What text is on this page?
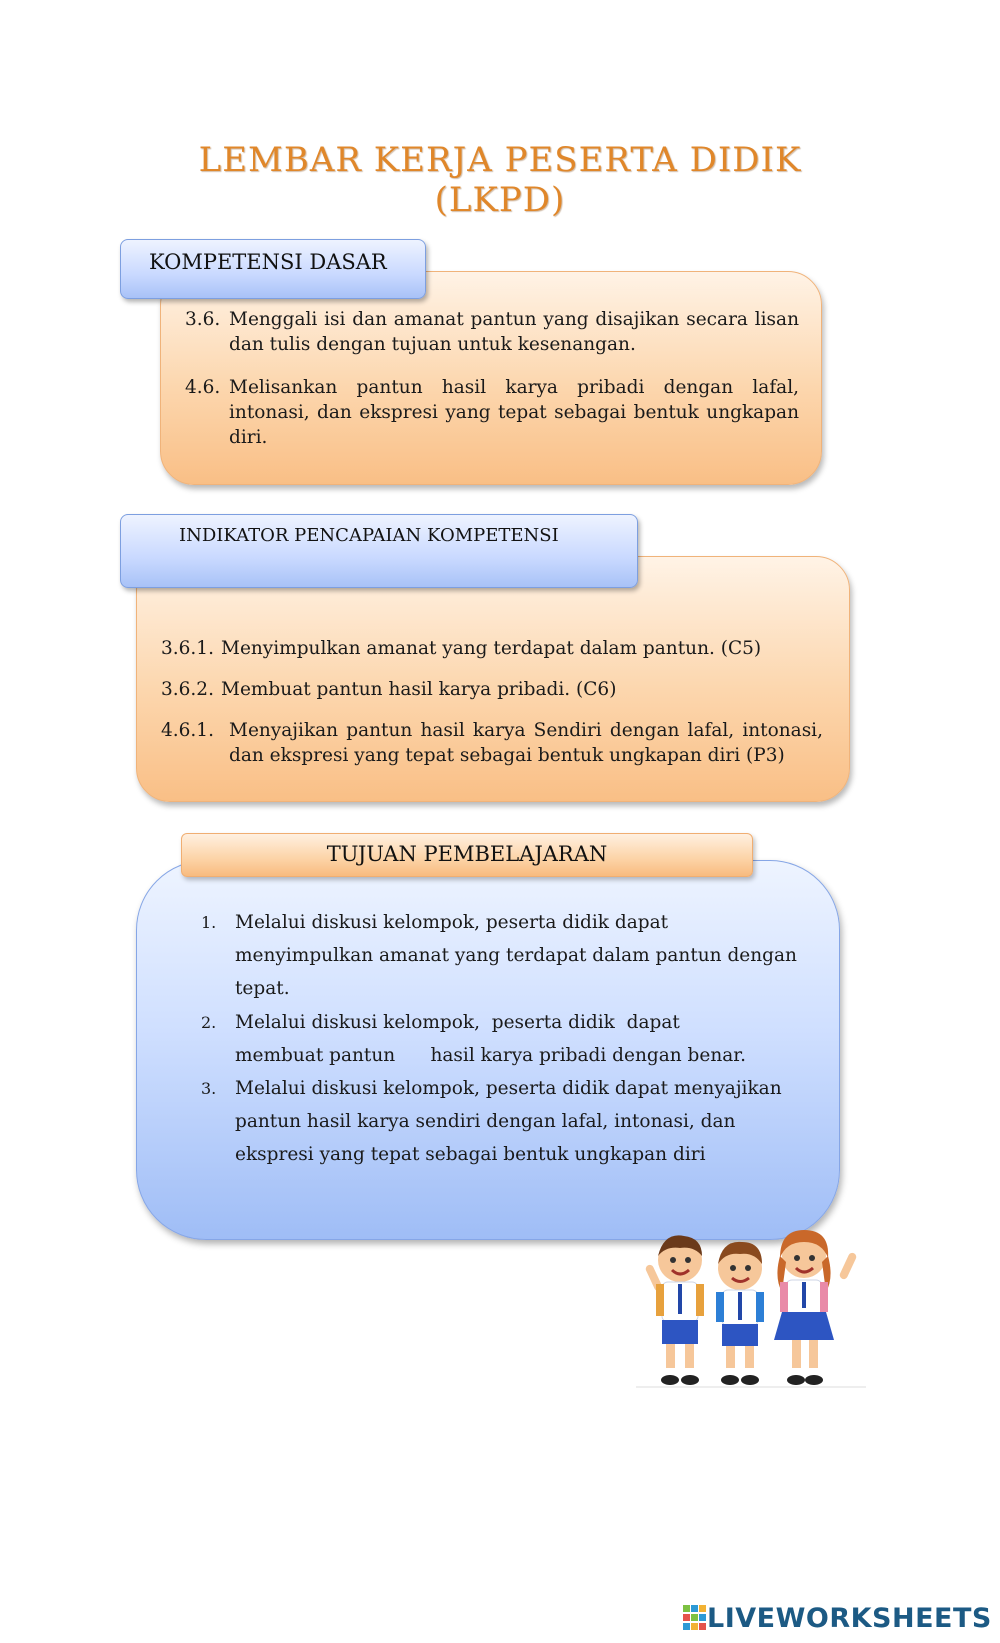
LEMBAR KERJA PESERTA DIDIK
(LKPD)
KOMPETENSI DASAR
3.6. Menggali isi dan amanat pantun yang disajikan secara lisan dan tulis dengan tujuan untuk kesenangan.
4.6. Melisankan pantun hasil karya pribadi dengan lafal, intonasi, dan ekspresi yang tepat sebagai bentuk ungkapan diri.
INDIKATOR PENCAPAIAN KOMPETENSI
3.6.1. Menyimpulkan amanat yang terdapat dalam pantun. (C5)
3.6.2. Membuat pantun hasil karya pribadi. (C6)
4.6.1. Menyajikan pantun hasil karya Sendiri dengan lafal, intonasi, dan ekspresi yang tepat sebagai bentuk ungkapan diri (P3)
TUJUAN PEMBELAJARAN
1. Melalui diskusi kelompok, peserta didik dapat menyimpulkan amanat yang terdapat dalam pantun dengan tepat.
2. Melalui diskusi kelompok,  peserta didik  dapat  membuat pantun      hasil karya pribadi dengan benar.
3. Melalui diskusi kelompok, peserta didik dapat menyajikan pantun hasil karya sendiri dengan lafal, intonasi, dan ekspresi yang tepat sebagai bentuk ungkapan diri
LIVEWORKSHEETS
